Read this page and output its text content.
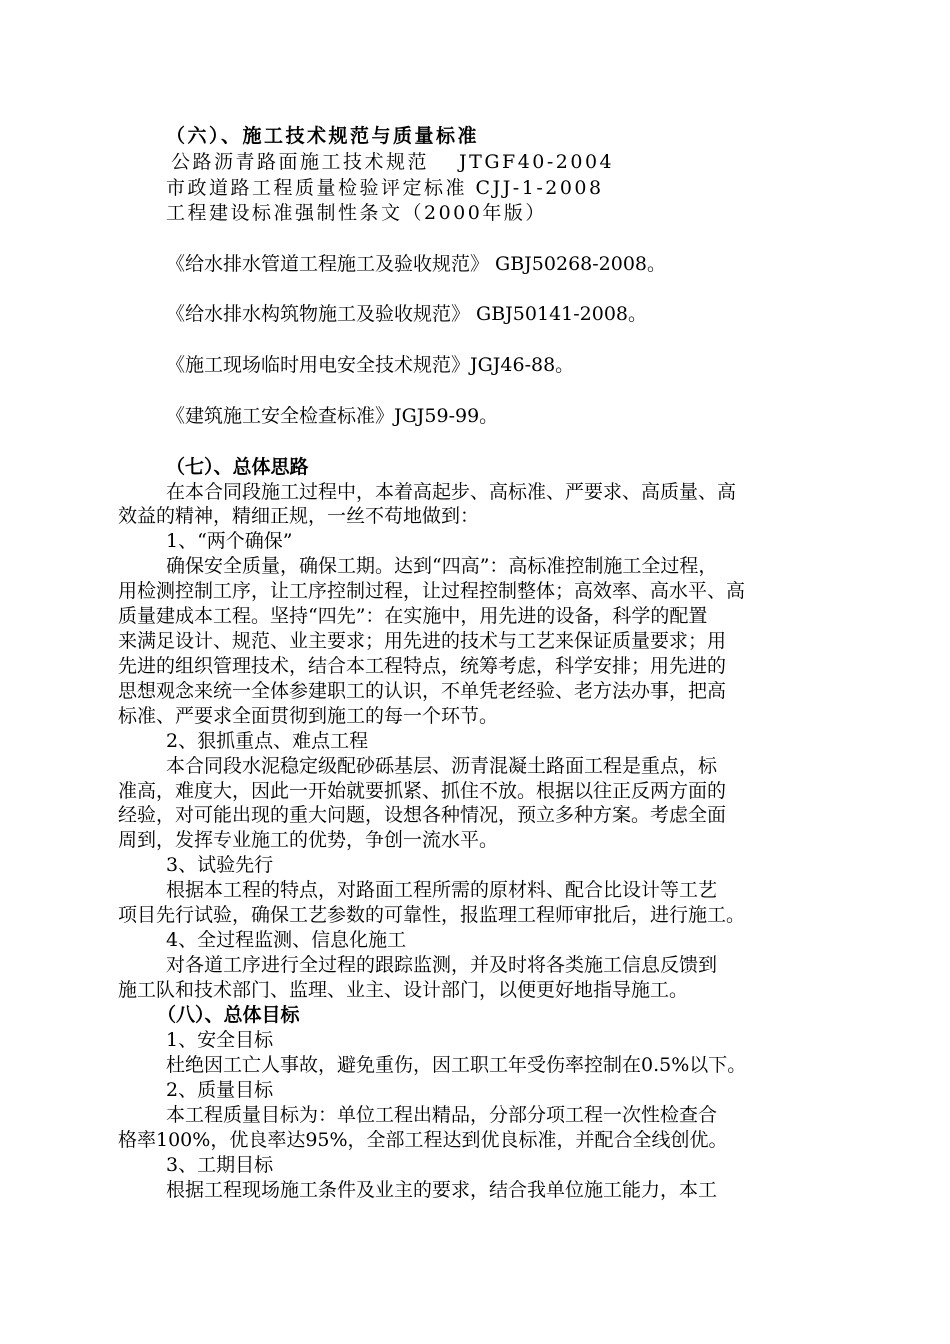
（六）、施工技术规范与质量标准
公路沥青路面施工技术规范　 JTGF40-2004
市政道路工程质量检验评定标准 CJJ-1-2008
工程建设标准强制性条文（2000年版）
《给水排水管道工程施工及验收规范》 GBJ50268-2008。
《给水排水构筑物施工及验收规范》 GBJ50141-2008。
《施工现场临时用电安全技术规范》JGJ46-88。
《建筑施工安全检查标准》JGJ59-99。
（七）、总体思路
在本合同段施工过程中，本着高起步、高标准、严要求、高质量、高
效益的精神，精细正规，一丝不苟地做到：
1、“两个确保”
确保安全质量，确保工期。达到“四高”：高标准控制施工全过程，
用检测控制工序，让工序控制过程，让过程控制整体；高效率、高水平、高
质量建成本工程。坚持“四先”：在实施中，用先进的设备，科学的配置
来满足设计、规范、业主要求；用先进的技术与工艺来保证质量要求；用
先进的组织管理技术，结合本工程特点，统筹考虑，科学安排；用先进的
思想观念来统一全体参建职工的认识，不单凭老经验、老方法办事，把高
标准、严要求全面贯彻到施工的每一个环节。
2、狠抓重点、难点工程
本合同段水泥稳定级配砂砾基层、沥青混凝土路面工程是重点，标
准高，难度大，因此一开始就要抓紧、抓住不放。根据以往正反两方面的
经验，对可能出现的重大问题，设想各种情况，预立多种方案。考虑全面
周到，发挥专业施工的优势，争创一流水平。
3、试验先行
根据本工程的特点，对路面工程所需的原材料、配合比设计等工艺
项目先行试验，确保工艺参数的可靠性，报监理工程师审批后，进行施工。
4、全过程监测、信息化施工
对各道工序进行全过程的跟踪监测，并及时将各类施工信息反馈到
施工队和技术部门、监理、业主、设计部门，以便更好地指导施工。
（八）、总体目标
1、安全目标
杜绝因工亡人事故，避免重伤，因工职工年受伤率控制在0.5%以下。
2、质量目标
本工程质量目标为：单位工程出精品，分部分项工程一次性检查合
格率100%，优良率达95%，全部工程达到优良标准，并配合全线创优。
3、工期目标
根据工程现场施工条件及业主的要求，结合我单位施工能力，本工
